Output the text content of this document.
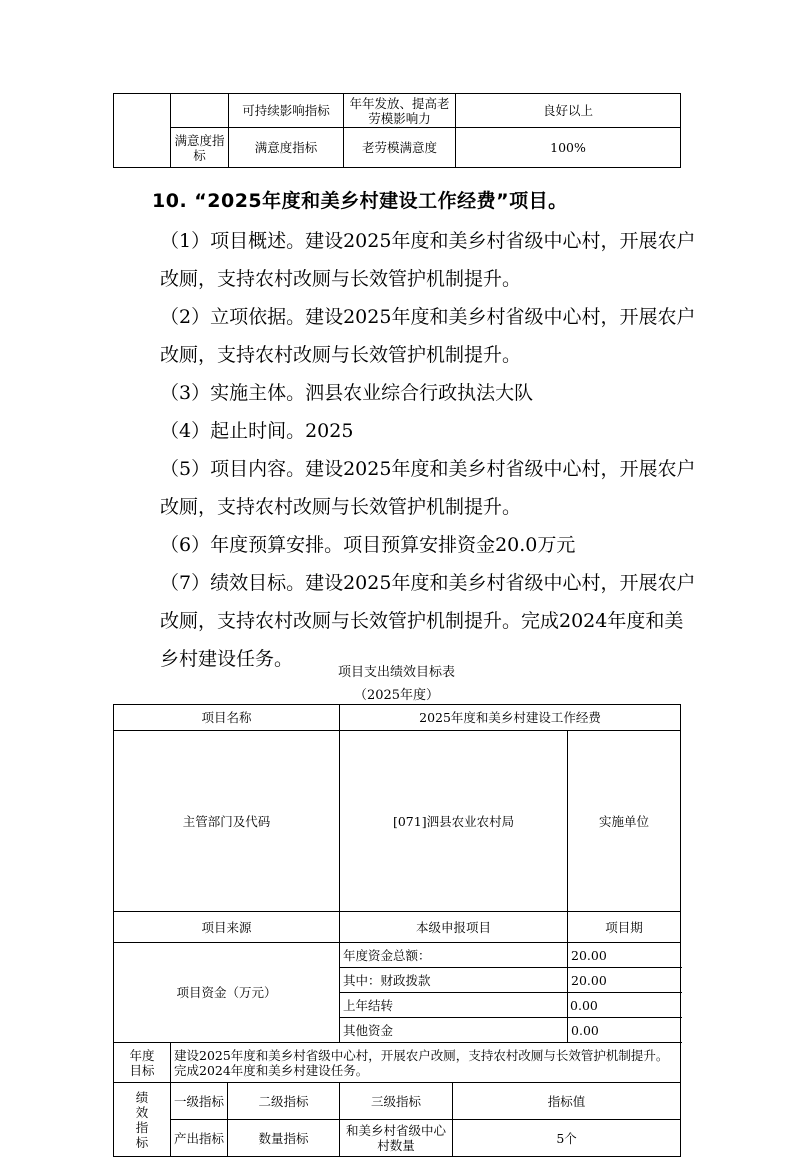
		可持续影响指标	年年发放、提高老劳模影响力	良好以上
	满意度指标	满意度指标	老劳模满意度	100%
10. “2025年度和美乡村建设工作经费”项目。

（1）项目概述。建设2025年度和美乡村省级中心村，开展农户改厕，支持农村改厕与长效管护机制提升。

（2）立项依据。建设2025年度和美乡村省级中心村，开展农户改厕，支持农村改厕与长效管护机制提升。

（3）实施主体。泗县农业综合行政执法大队

（4）起止时间。2025

（5）项目内容。建设2025年度和美乡村省级中心村，开展农户改厕，支持农村改厕与长效管护机制提升。

（6）年度预算安排。项目预算安排资金20.0万元

（7）绩效目标。建设2025年度和美乡村省级中心村，开展农户改厕，支持农村改厕与长效管护机制提升。完成2024年度和美乡村建设任务。

项目支出绩效目标表
（2025年度）
项目名称			2025年度和美乡村建设工作经费			
主管部门及代码			[071]泗县农业农村局		实施单位	
项目来源			本级申报项目		项目期	
项目资金（万元）			年度资金总额：		20.00	
			其中：财政拨款		20.00	
			上年结转		0.00	
			其他资金		0.00	
年度目标	建设2025年度和美乡村省级中心村，开展农户改厕，支持农村改厕与长效管护机制提升。完成2024年度和美乡村建设任务。					
绩效指标	一级指标	二级指标	三级指标	指标值		
	产出指标	数量指标	和美乡村省级中心村数量	5个		
